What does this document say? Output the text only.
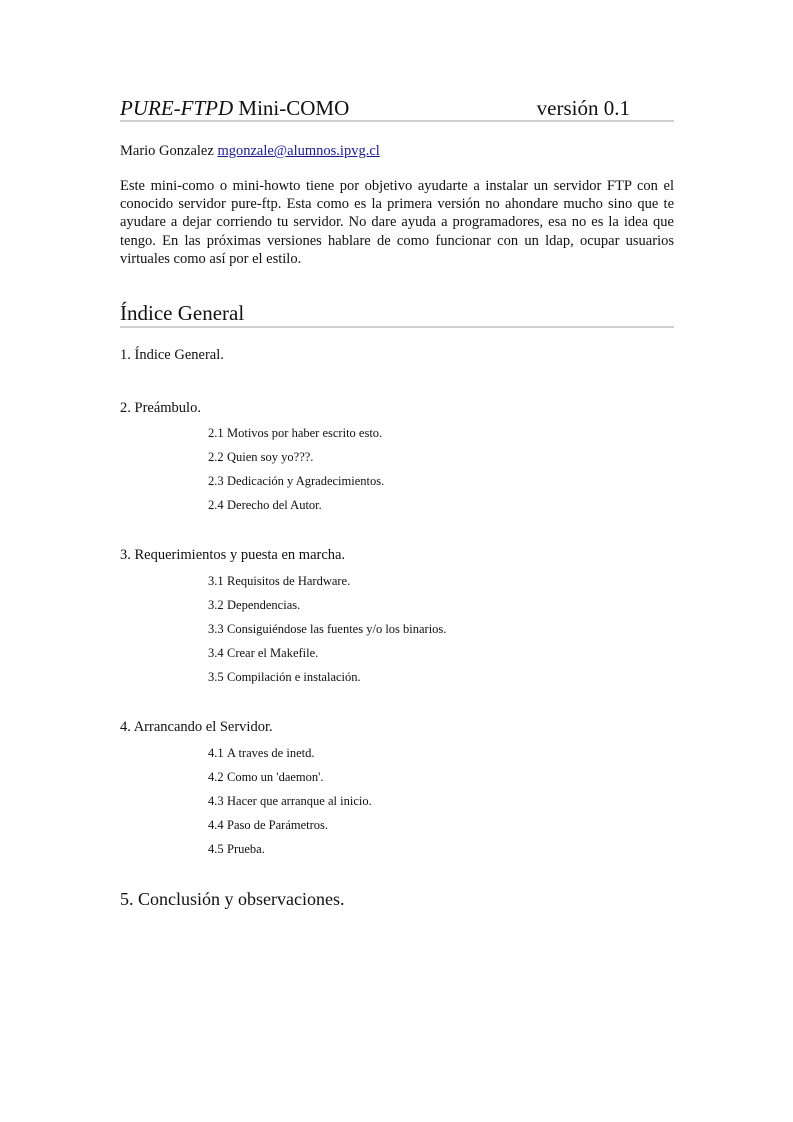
PURE-FTPD Mini-COMO	versión 0.1
Mario Gonzalez mgonzale@alumnos.ipvg.cl

Este mini-como o mini-howto tiene por objetivo ayudarte a instalar un servidor FTP con el conocido servidor pure-ftp. Esta como es la primera versión no ahondare mucho sino que te ayudare a dejar corriendo tu servidor. No dare ayuda a programadores, esa no es la idea que tengo. En las próximas versiones hablare de como funcionar con un ldap, ocupar usuarios virtuales como así por el estilo.

Índice General
1. Índice General.
2. Preámbulo.
2.1 Motivos por haber escrito esto.
2.2 Quien soy yo???.
2.3 Dedicación y Agradecimientos.
2.4 Derecho del Autor.
3. Requerimientos y puesta en marcha.
3.1 Requisitos de Hardware.
3.2 Dependencias.
3.3 Consiguiéndose las fuentes y/o los binarios.
3.4 Crear el Makefile.
3.5 Compilación e instalación.
4. Arrancando el Servidor.
4.1 A traves de inetd.
4.2 Como un 'daemon'.
4.3 Hacer que arranque al inicio.
4.4 Paso de Parámetros.
4.5 Prueba.
5. Conclusión y observaciones.
